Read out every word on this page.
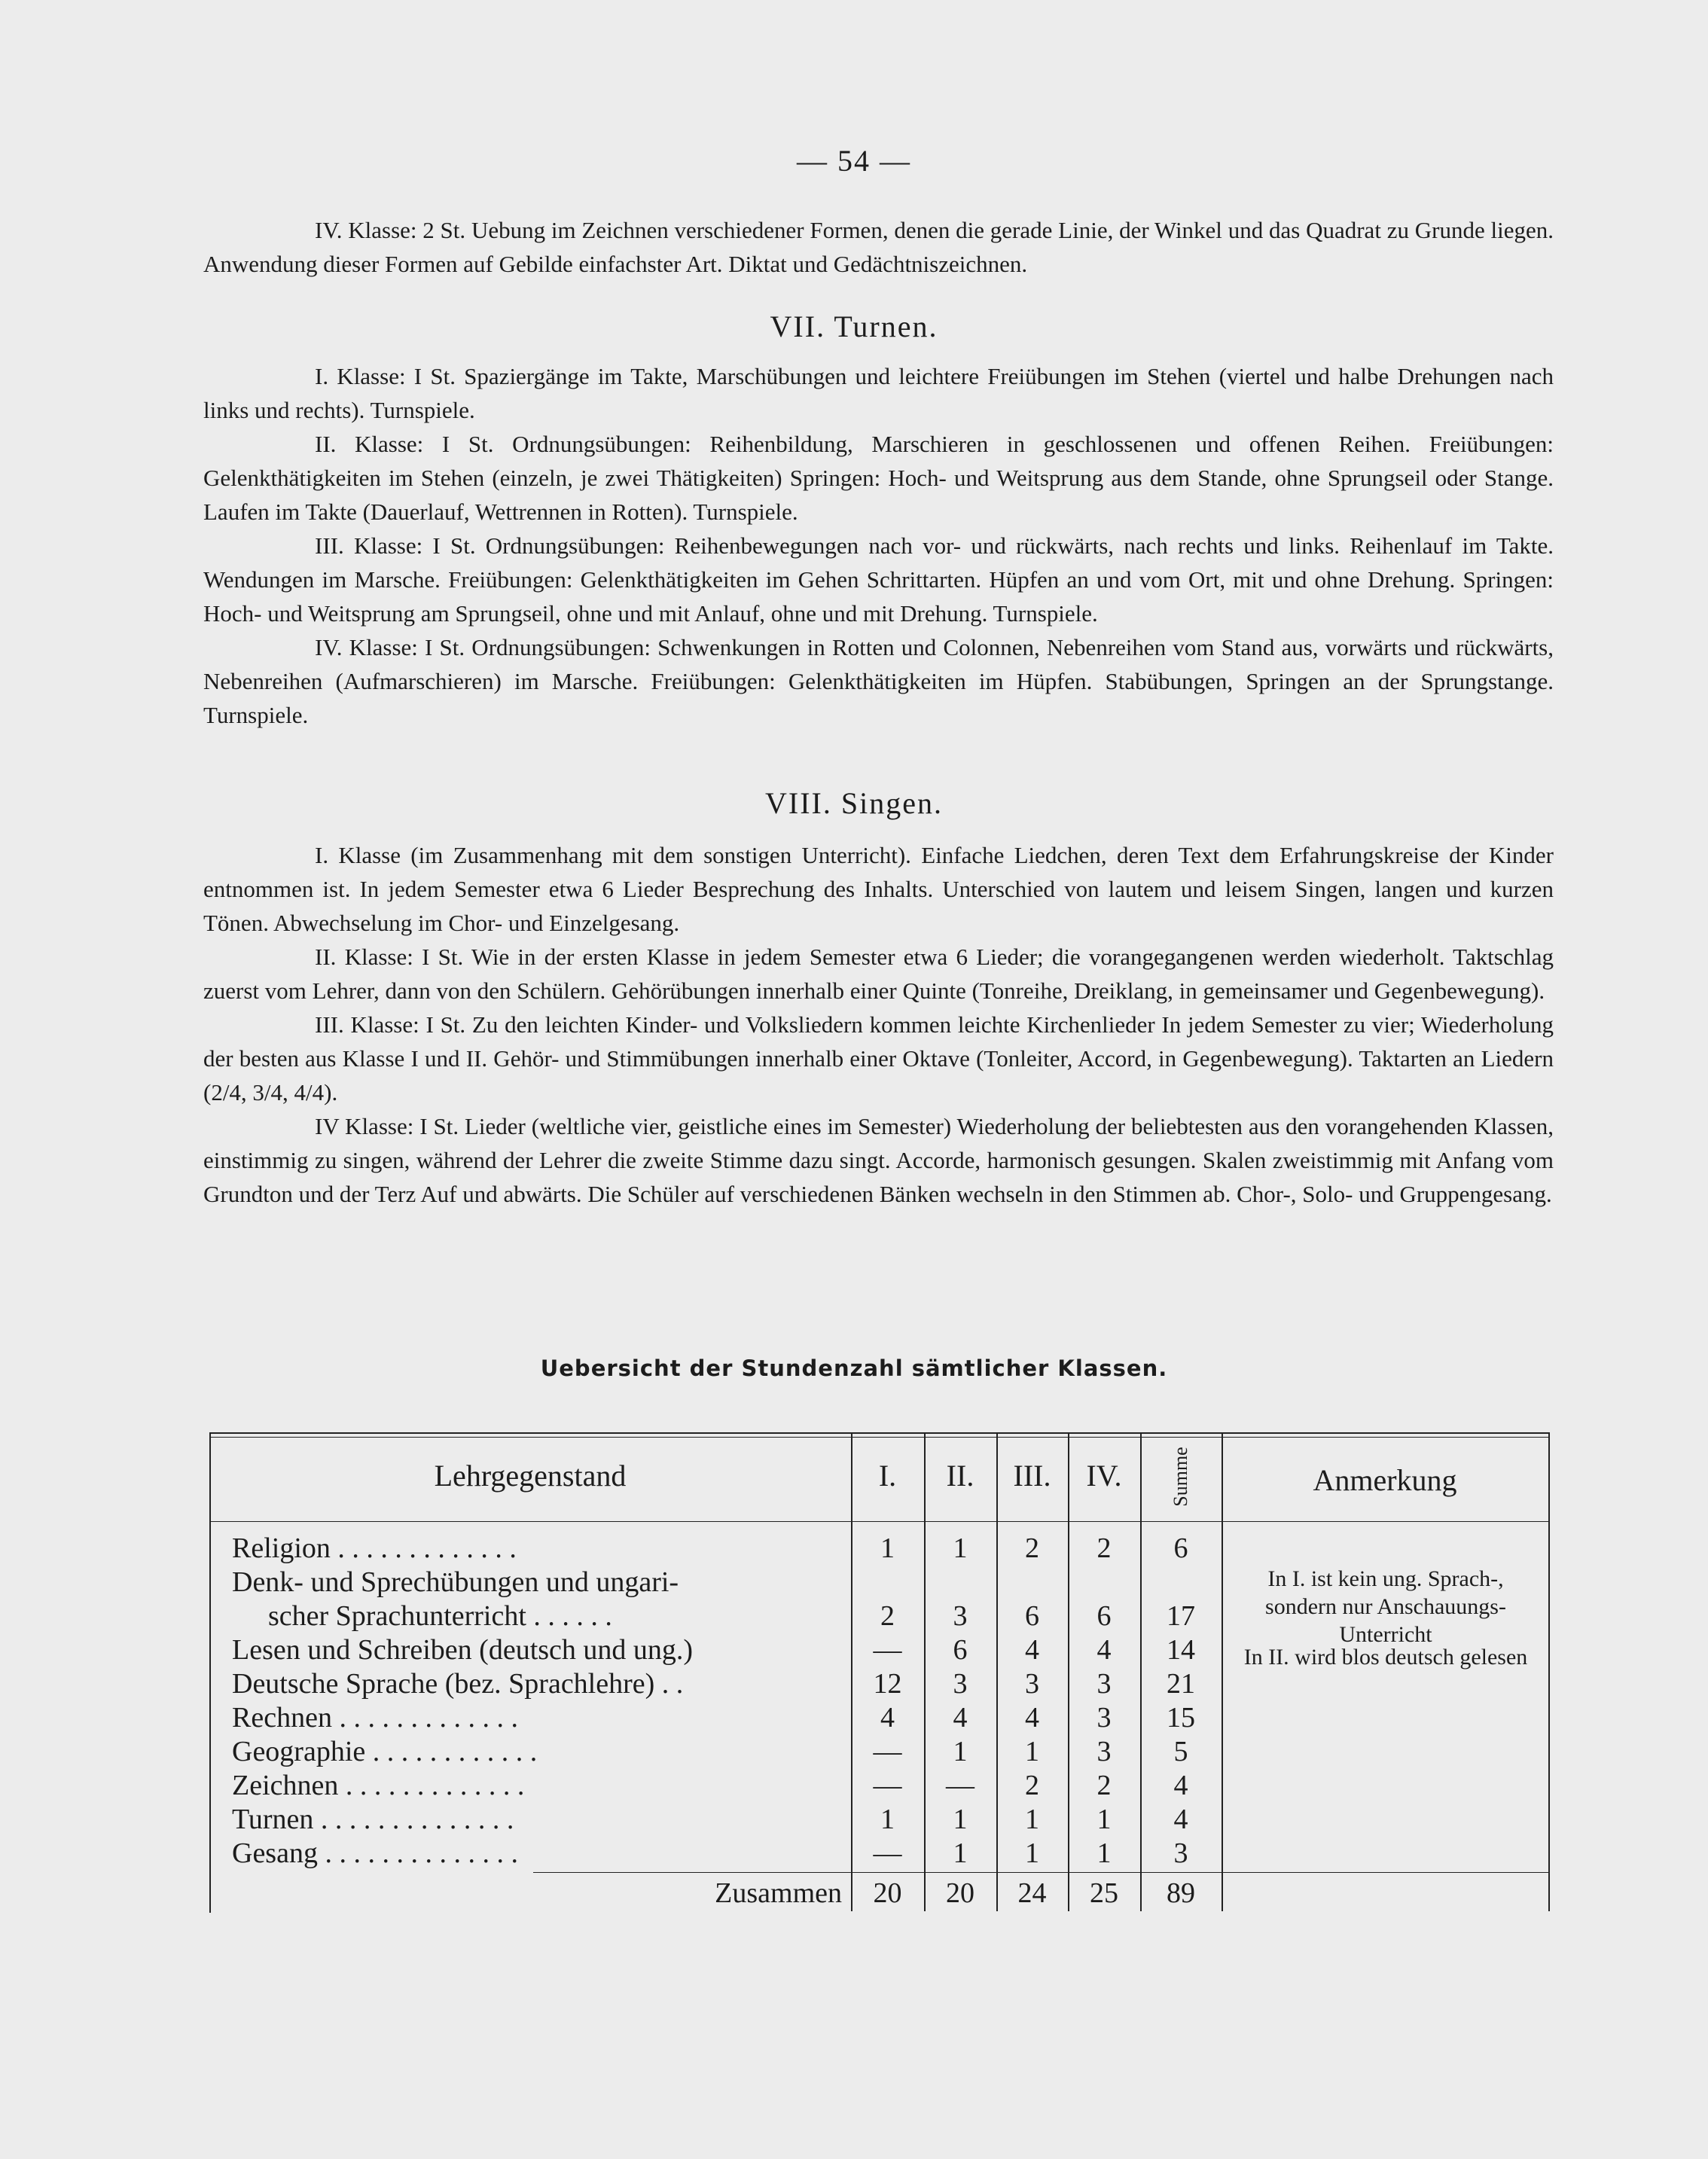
— 54 —

IV. Klasse: 2 St. Uebung im Zeichnen verschiedener Formen, denen die gerade Linie, der Winkel und das Quadrat zu Grunde liegen. Anwendung dieser Formen auf Gebilde einfachster Art. Diktat und Gedächtniszeichnen.

VII. Turnen.

I. Klasse: I St. Spaziergänge im Takte, Marschübungen und leichtere Freiübungen im Stehen (viertel und halbe Drehungen nach links und rechts). Turnspiele.

II. Klasse: I St. Ordnungsübungen: Reihenbildung, Marschieren in geschlossenen und offenen Reihen. Freiübungen: Gelenkthätigkeiten im Stehen (einzeln, je zwei Thätigkeiten) Springen: Hoch- und Weitsprung aus dem Stande, ohne Sprungseil oder Stange. Laufen im Takte (Dauerlauf, Wettrennen in Rotten). Turnspiele.

III. Klasse: I St. Ordnungsübungen: Reihenbewegungen nach vor- und rückwärts, nach rechts und links. Reihenlauf im Takte. Wendungen im Marsche. Freiübungen: Gelenkthätigkeiten im Gehen Schrittarten. Hüpfen an und vom Ort, mit und ohne Drehung. Springen: Hoch- und Weitsprung am Sprungseil, ohne und mit Anlauf, ohne und mit Drehung. Turnspiele.

IV. Klasse: I St. Ordnungsübungen: Schwenkungen in Rotten und Colonnen, Nebenreihen vom Stand aus, vorwärts und rückwärts, Nebenreihen (Aufmarschieren) im Marsche. Freiübungen: Gelenkthätigkeiten im Hüpfen. Stabübungen, Springen an der Sprungstange. Turnspiele.

VIII. Singen.

I. Klasse (im Zusammenhang mit dem sonstigen Unterricht). Einfache Liedchen, deren Text dem Erfahrungskreise der Kinder entnommen ist. In jedem Semester etwa 6 Lieder Besprechung des Inhalts. Unterschied von lautem und leisem Singen, langen und kurzen Tönen. Abwechselung im Chor- und Einzelgesang.

II. Klasse: I St. Wie in der ersten Klasse in jedem Semester etwa 6 Lieder; die vorangegangenen werden wiederholt. Taktschlag zuerst vom Lehrer, dann von den Schülern. Gehörübungen innerhalb einer Quinte (Tonreihe, Dreiklang, in gemeinsamer und Gegenbewegung).

III. Klasse: I St. Zu den leichten Kinder- und Volksliedern kommen leichte Kirchenlieder In jedem Semester zu vier; Wiederholung der besten aus Klasse I und II. Gehör- und Stimmübungen innerhalb einer Oktave (Tonleiter, Accord, in Gegenbewegung). Taktarten an Liedern (2/4, 3/4, 4/4).

IV Klasse: I St. Lieder (weltliche vier, geistliche eines im Semester) Wiederholung der beliebtesten aus den vorangehenden Klassen, einstimmig zu singen, während der Lehrer die zweite Stimme dazu singt. Accorde, harmonisch gesungen. Skalen zweistimmig mit Anfang vom Grundton und der Terz Auf und abwärts. Die Schüler auf verschiedenen Bänken wechseln in den Stimmen ab. Chor-, Solo- und Gruppengesang.

Uebersicht der Stundenzahl sämtlicher Klassen.
Lehrgegenstand	I.	II.	III.	IV.	Summe	Anmerkung
Religion . . . . . . . . . . . . .	1	1	2	2	6
Denk- und Sprechübungen und ungari-
scher Sprachunterricht . . . . . .	2	3	6	6	17
Lesen und Schreiben (deutsch und ung.)	—	6	4	4	14
Deutsche Sprache (bez. Sprachlehre) . .	12	3	3	3	21
Rechnen . . . . . . . . . . . . .	4	4	4	3	15
Geographie . . . . . . . . . . . .	—	1	1	3	5
Zeichnen . . . . . . . . . . . . .	—	—	2	2	4
Turnen . . . . . . . . . . . . . .	1	1	1	1	4
Gesang . . . . . . . . . . . . . .	—	1	1	1	3
Zusammen	20	20	24	25	89
In I. ist kein ung. Sprach-, sondern nur Anschauungs-Unterricht
In II. wird blos deutsch gelesen
